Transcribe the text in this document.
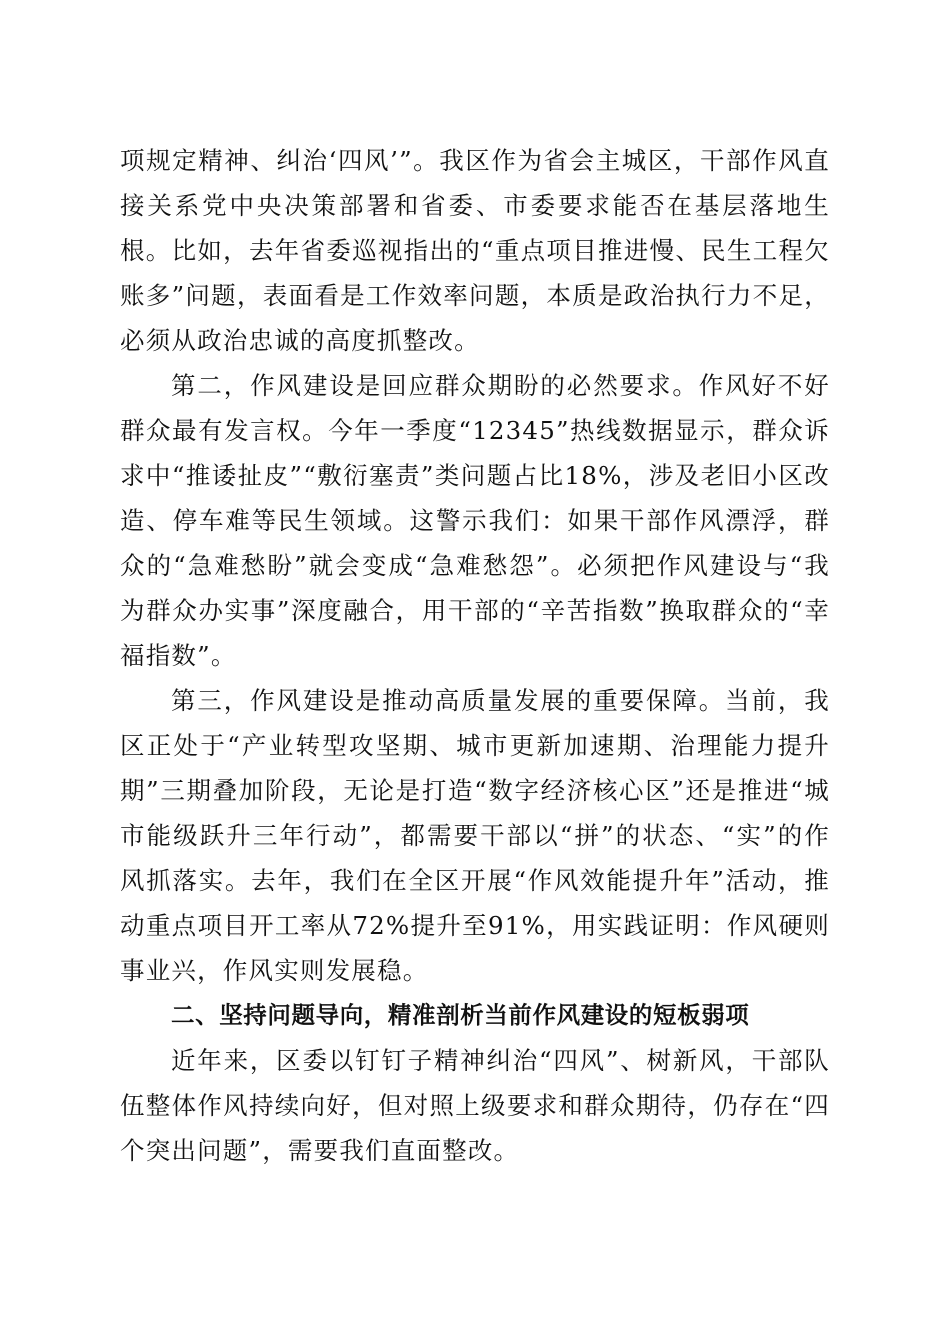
项规定精神、纠治‘四风’”。我区作为省会主城区，干部作风直接关系党中央决策部署和省委、市委要求能否在基层落地生根。比如，去年省委巡视指出的“重点项目推进慢、民生工程欠账多”问题，表面看是工作效率问题，本质是政治执行力不足，必须从政治忠诚的高度抓整改。

第二，作风建设是回应群众期盼的必然要求。作风好不好群众最有发言权。今年一季度“12345”热线数据显示，群众诉求中“推诿扯皮”“敷衍塞责”类问题占比18%，涉及老旧小区改造、停车难等民生领域。这警示我们：如果干部作风漂浮，群众的“急难愁盼”就会变成“急难愁怨”。必须把作风建设与“我为群众办实事”深度融合，用干部的“辛苦指数”换取群众的“幸福指数”。

第三，作风建设是推动高质量发展的重要保障。当前，我区正处于“产业转型攻坚期、城市更新加速期、治理能力提升期”三期叠加阶段，无论是打造“数字经济核心区”还是推进“城市能级跃升三年行动”，都需要干部以“拼”的状态、“实”的作风抓落实。去年，我们在全区开展“作风效能提升年”活动，推动重点项目开工率从72%提升至91%，用实践证明：作风硬则事业兴，作风实则发展稳。

二、坚持问题导向，精准剖析当前作风建设的短板弱项

近年来，区委以钉钉子精神纠治“四风”、树新风，干部队伍整体作风持续向好，但对照上级要求和群众期待，仍存在“四个突出问题”，需要我们直面整改。
